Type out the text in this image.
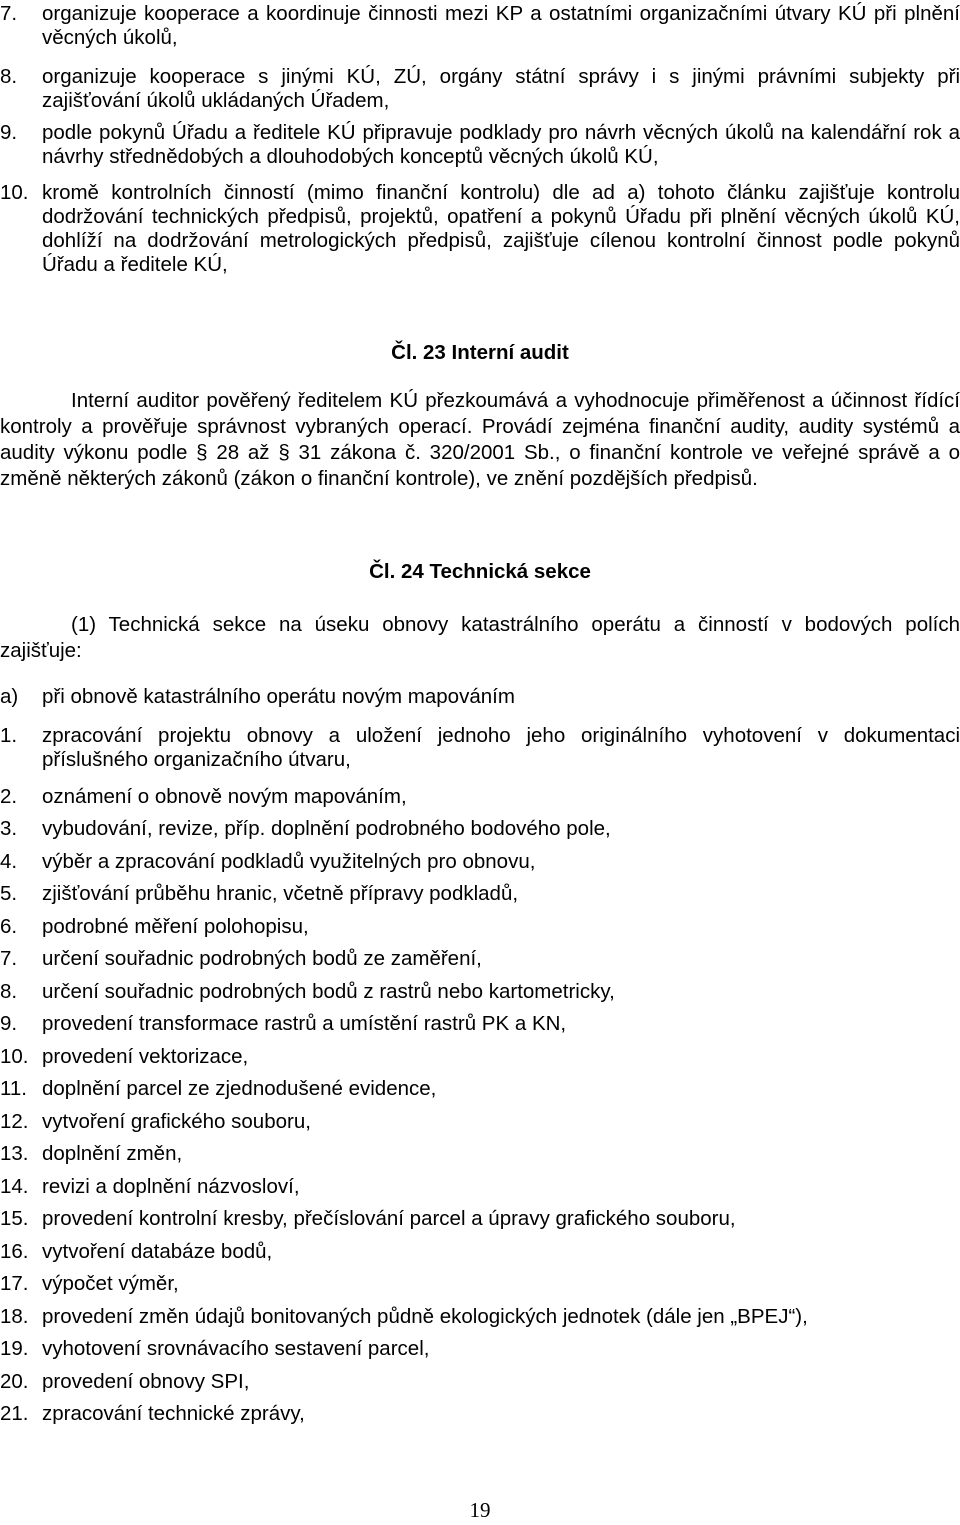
7. organizuje kooperace a koordinuje činnosti mezi KP a ostatními organizačními útvary KÚ při plnění věcných úkolů,
8. organizuje kooperace s jinými KÚ, ZÚ, orgány státní správy i s jinými právními subjekty při zajišťování úkolů ukládaných Úřadem,
9. podle pokynů Úřadu a ředitele KÚ připravuje podklady pro návrh věcných úkolů na kalendářní rok a návrhy střednědobých a dlouhodobých konceptů věcných úkolů KÚ,
10. kromě kontrolních činností (mimo finanční kontrolu) dle ad a) tohoto článku zajišťuje kontrolu dodržování technických předpisů, projektů, opatření a pokynů Úřadu při plnění věcných úkolů KÚ, dohlíží na dodržování metrologických předpisů, zajišťuje cílenou kontrolní činnost podle pokynů Úřadu a ředitele KÚ,
Čl. 23 Interní audit
Interní auditor pověřený ředitelem KÚ přezkoumává a vyhodnocuje přiměřenost a účinnost řídící kontroly a prověřuje správnost vybraných operací. Provádí zejména finanční audity, audity systémů a audity výkonu podle § 28 až § 31 zákona č. 320/2001 Sb., o finanční kontrole ve veřejné správě a o změně některých zákonů (zákon o finanční kontrole), ve znění pozdějších předpisů.
Čl. 24 Technická sekce
(1) Technická sekce na úseku obnovy katastrálního operátu a činností v bodových polích zajišťuje:
a) při obnově katastrálního operátu novým mapováním
1. zpracování projektu obnovy a uložení jednoho jeho originálního vyhotovení v dokumentaci příslušného organizačního útvaru,
2. oznámení o obnově novým mapováním,
3. vybudování, revize, příp. doplnění podrobného bodového pole,
4. výběr a zpracování podkladů využitelných pro obnovu,
5. zjišťování průběhu hranic, včetně přípravy podkladů,
6. podrobné měření polohopisu,
7. určení souřadnic podrobných bodů ze zaměření,
8. určení souřadnic podrobných bodů z rastrů nebo kartometricky,
9. provedení transformace rastrů a umístění rastrů PK a KN,
10. provedení vektorizace,
11. doplnění parcel ze zjednodušené evidence,
12. vytvoření grafického souboru,
13. doplnění změn,
14. revizi a doplnění názvosloví,
15. provedení kontrolní kresby, přečíslování parcel a úpravy grafického souboru,
16. vytvoření databáze bodů,
17. výpočet výměr,
18. provedení změn údajů bonitovaných půdně ekologických jednotek (dále jen „BPEJ“),
19. vyhotovení srovnávacího sestavení parcel,
20. provedení obnovy SPI,
21. zpracování technické zprávy,
19
